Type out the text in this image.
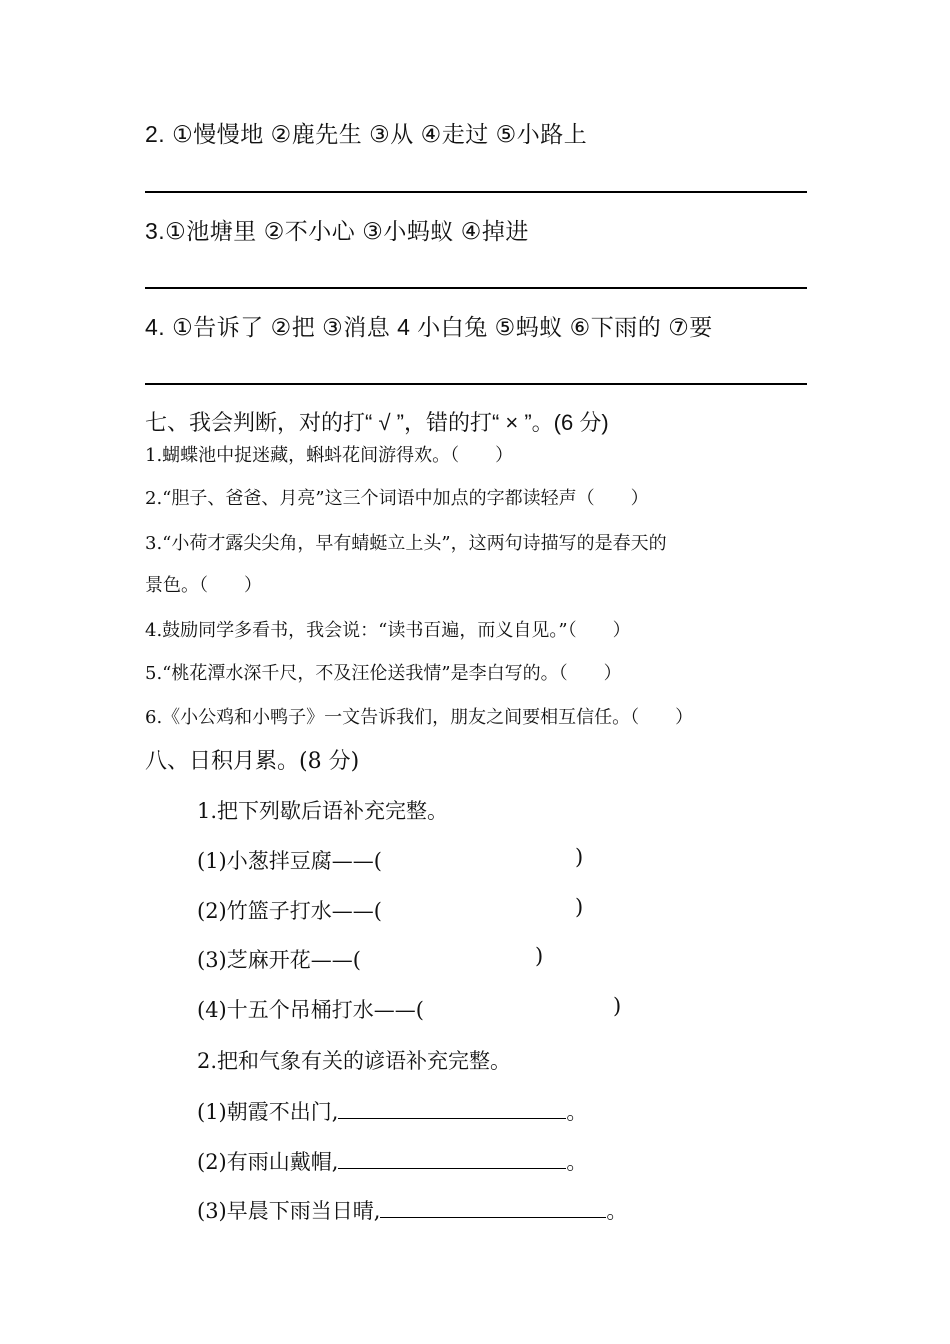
2. ①慢慢地 ②鹿先生 ③从 ④走过 ⑤小路上
3.①池塘里 ②不小心 ③小蚂蚁 ④掉进
4. ①告诉了 ②把 ③消息 4 小白兔 ⑤蚂蚁 ⑥下雨的 ⑦要
七、我会判断，对的打“ √ ”，错的打“ × ”。(6 分)
1.蝴蝶池中捉迷藏，蝌蚪花间游得欢。（　　）
2.“胆子、爸爸、月亮”这三个词语中加点的字都读轻声（　　）
3.“小荷才露尖尖角，早有蜻蜓立上头”，这两句诗描写的是春天的
景色。（　　）
4.鼓励同学多看书，我会说：“读书百遍，而义自见。”（　　）
5.“桃花潭水深千尺，不及汪伦送我情”是李白写的。（　　）
6.《小公鸡和小鸭子》一文告诉我们，朋友之间要相互信任。（　　）
八、日积月累。(8 分)
1.把下列歇后语补充完整。
(1)小葱拌豆腐——(	)
(2)竹篮子打水——(	)
(3)芝麻开花——(	)
(4)十五个吊桶打水——(	)
2.把和气象有关的谚语补充完整。
(1)朝霞不出门,	。
(2)有雨山戴帽,	。
(3)早晨下雨当日晴,	。
